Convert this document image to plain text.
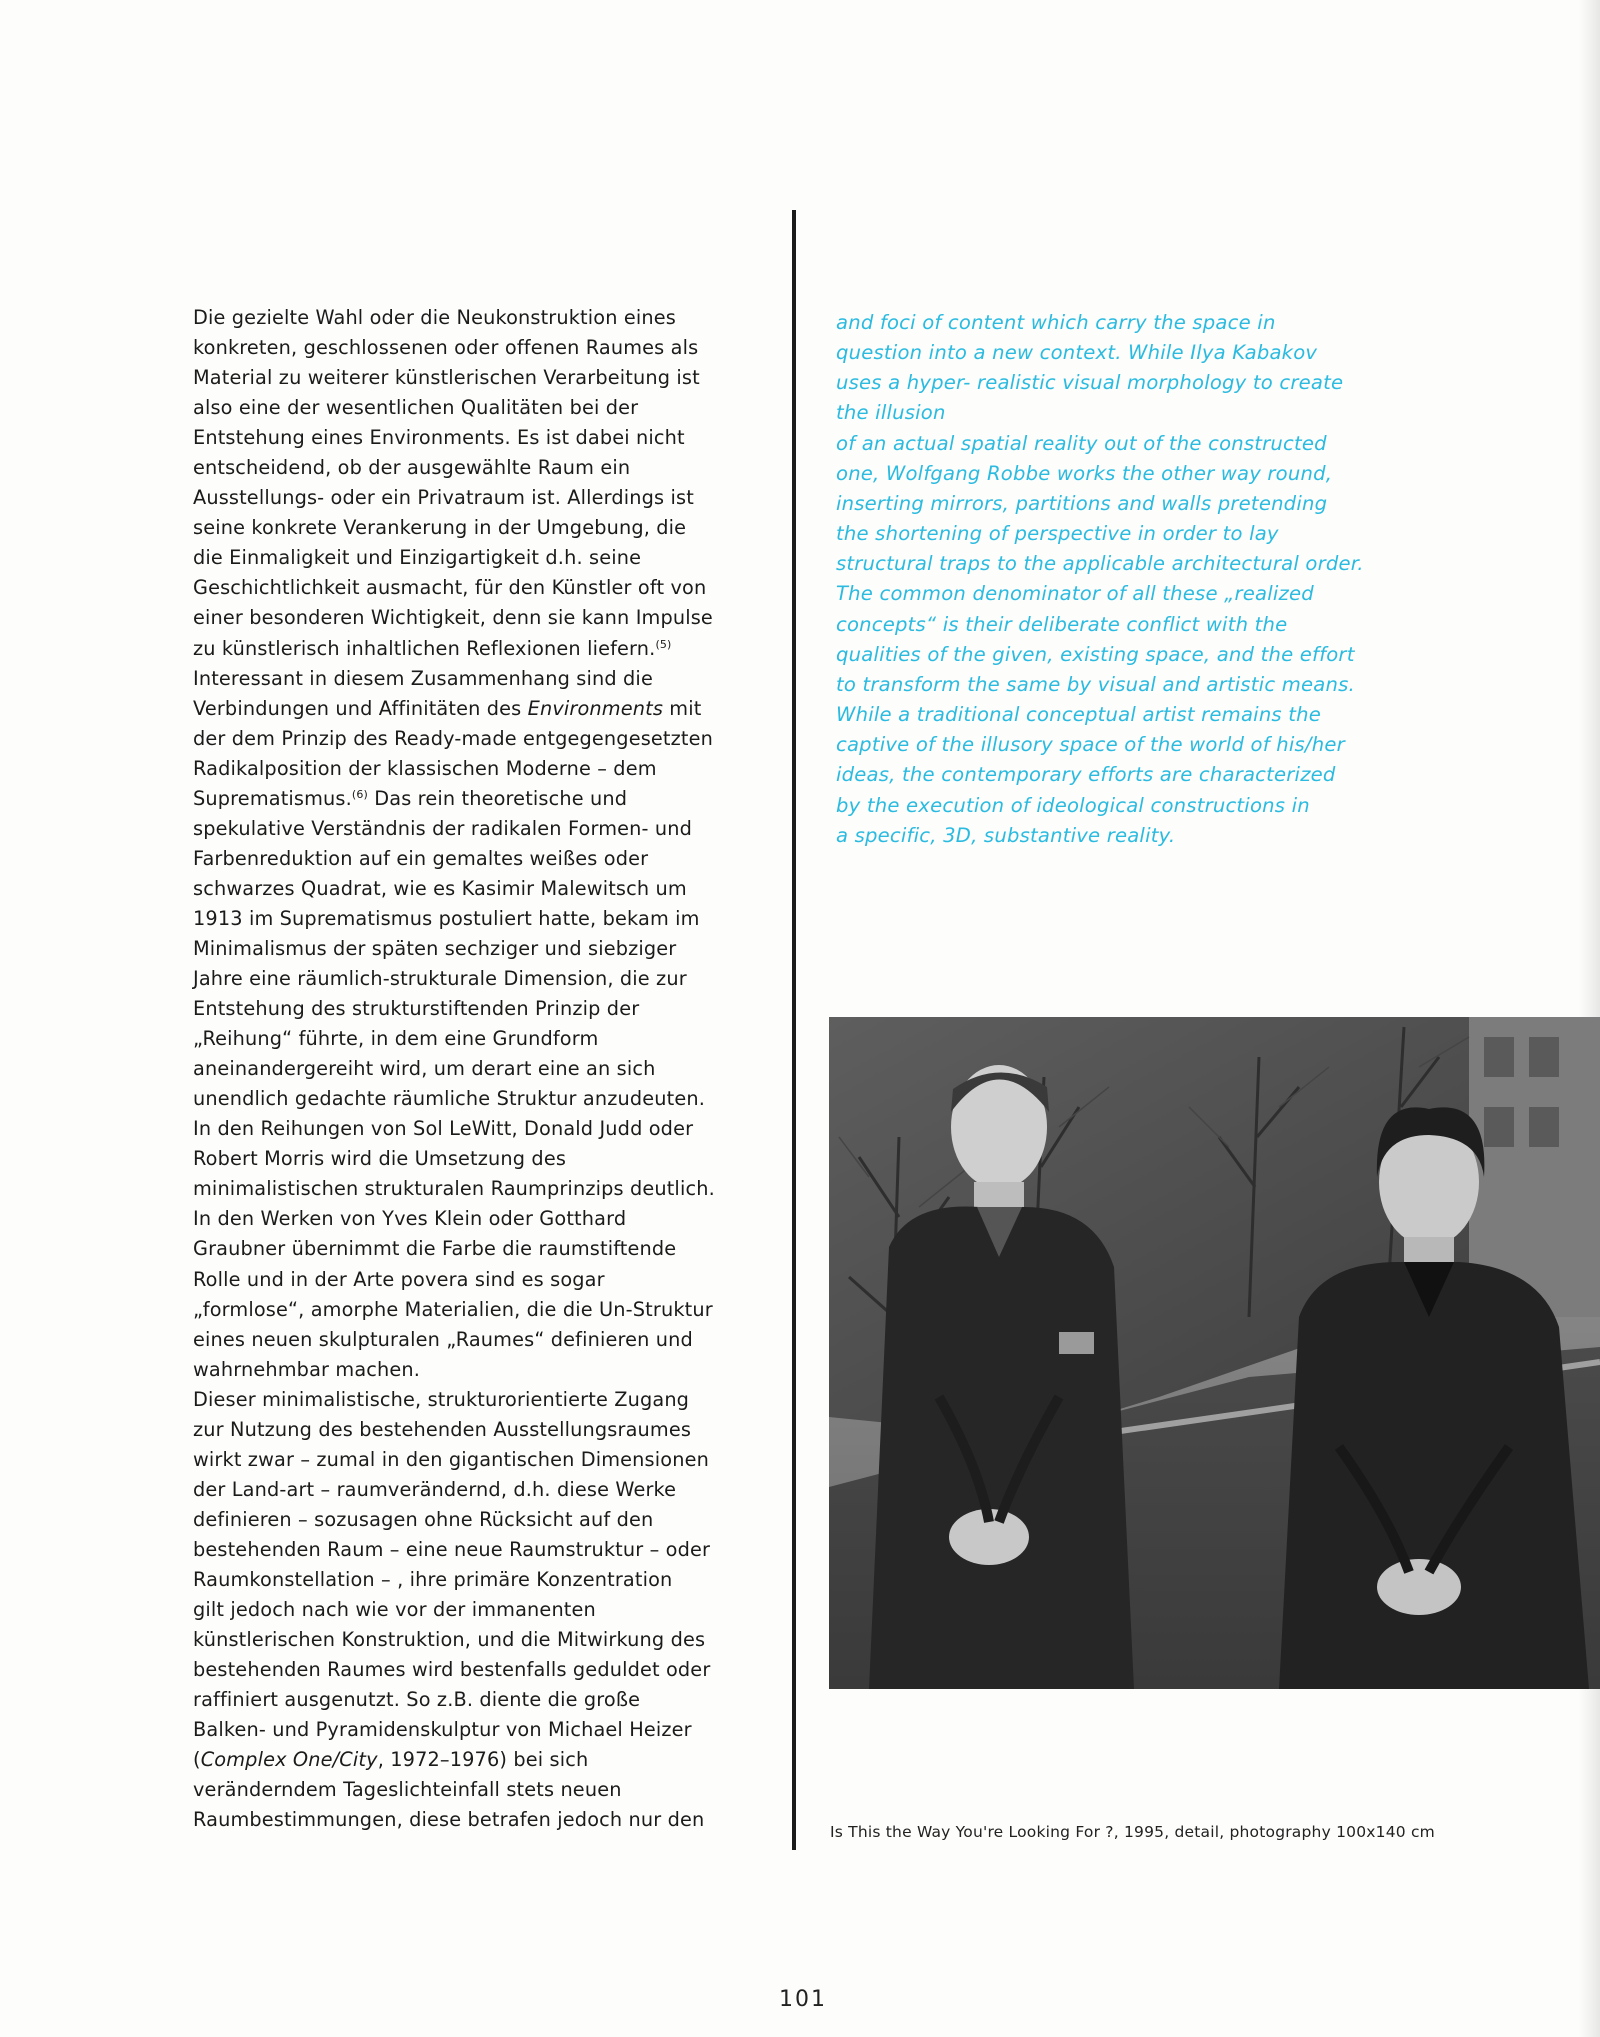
Die gezielte Wahl oder die Neukonstruktion eines
konkreten, geschlossenen oder offenen Raumes als
Material zu weiterer künstlerischen Verarbeitung ist
also eine der wesentlichen Qualitäten bei der
Entstehung eines Environments. Es ist dabei nicht
entscheidend, ob der ausgewählte Raum ein
Ausstellungs- oder ein Privatraum ist. Allerdings ist
seine konkrete Verankerung in der Umgebung, die
die Einmaligkeit und Einzigartigkeit d.h. seine
Geschichtlichkeit ausmacht, für den Künstler oft von
einer besonderen Wichtigkeit, denn sie kann Impulse
zu künstlerisch inhaltlichen Reflexionen liefern.$^{(5)}$
Interessant in diesem Zusammenhang sind die
Verbindungen und Affinitäten des Environments mit
der dem Prinzip des Ready-made entgegengesetzten
Radikalposition der klassischen Moderne – dem
Suprematismus.$^{(6)}$ Das rein theoretische und
spekulative Verständnis der radikalen Formen- und
Farbenreduktion auf ein gemaltes weißes oder
schwarzes Quadrat, wie es Kasimir Malewitsch um
1913 im Suprematismus postuliert hatte, bekam im
Minimalismus der späten sechziger und siebziger
Jahre eine räumlich-strukturale Dimension, die zur
Entstehung des strukturstiftenden Prinzip der
„Reihung“ führte, in dem eine Grundform
aneinandergereiht wird, um derart eine an sich
unendlich gedachte räumliche Struktur anzudeuten.
In den Reihungen von Sol LeWitt, Donald Judd oder
Robert Morris wird die Umsetzung des
minimalistischen strukturalen Raumprinzips deutlich.
In den Werken von Yves Klein oder Gotthard
Graubner übernimmt die Farbe die raumstiftende
Rolle und in der Arte povera sind es sogar
„formlose“, amorphe Materialien, die die Un-Struktur
eines neuen skulpturalen „Raumes“ definieren und
wahrnehmbar machen.
Dieser minimalistische, strukturorientierte Zugang
zur Nutzung des bestehenden Ausstellungsraumes
wirkt zwar – zumal in den gigantischen Dimensionen
der Land-art – raumverändernd, d.h. diese Werke
definieren – sozusagen ohne Rücksicht auf den
bestehenden Raum – eine neue Raumstruktur – oder
Raumkonstellation – , ihre primäre Konzentration
gilt jedoch nach wie vor der immanenten
künstlerischen Konstruktion, und die Mitwirkung des
bestehenden Raumes wird bestenfalls geduldet oder
raffiniert ausgenutzt. So z.B. diente die große
Balken- und Pyramidenskulptur von Michael Heizer
(Complex One/City, 1972–1976) bei sich
veränderndem Tageslichteinfall stets neuen
Raumbestimmungen, diese betrafen jedoch nur den
and foci of content which carry the space in
question into a new context. While Ilya Kabakov
uses a hyper- realistic visual morphology to create
the illusion
of an actual spatial reality out of the constructed
one, Wolfgang Robbe works the other way round,
inserting mirrors, partitions and walls pretending
the shortening of perspective in order to lay
structural traps to the applicable architectural order.
The common denominator of all these „realized
concepts“ is their deliberate conflict with the
qualities of the given, existing space, and the effort
to transform the same by visual and artistic means.
While a traditional conceptual artist remains the
captive of the illusory space of the world of his/her
ideas, the contemporary efforts are characterized
by the execution of ideological constructions in
a specific, 3D, substantive reality.
Is This the Way You're Looking For ?, 1995, detail, photography 100x140 cm
101
